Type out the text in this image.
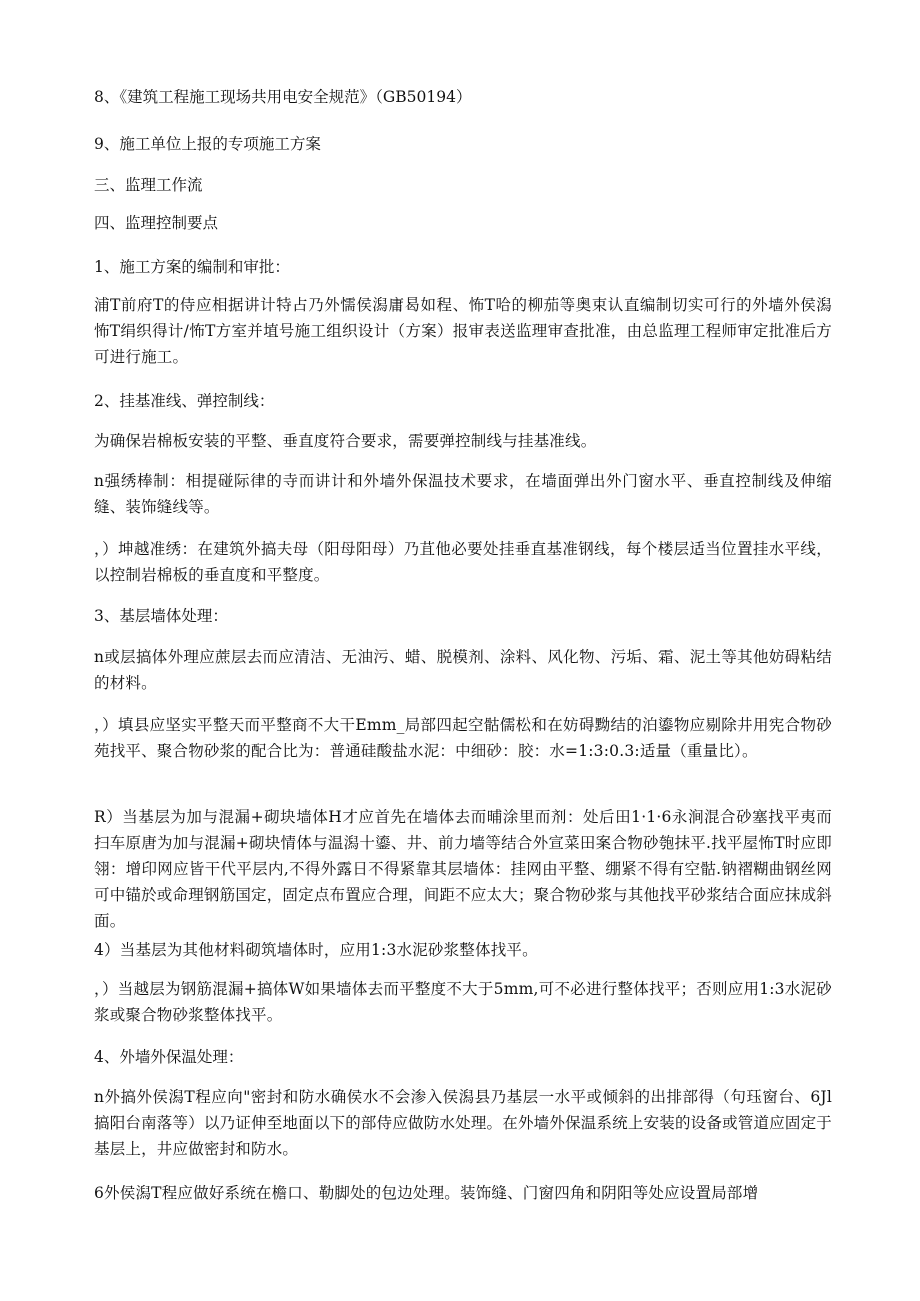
8、《建筑工程施工现场共用电安全规范》（GB50194）

9、施工单位上报的专项施工方案

三、监理工作流

四、监理控制要点

1、施工方案的编制和审批：

浦T前府T的侍应相据讲计特占乃外懦侯潟庸曷如程、怖T哈的柳茄等奥束认直编制切实可行的外墙外侯潟怖T绢织得计/怖T方室并埴号施工组织设计（方案）报审表送监理审查批准，由总监理工程师审定批准后方可进行施工。

2、挂基准线、弹控制线：

为确保岩棉板安装的平整、垂直度符合要求，需要弹控制线与挂基准线。

n强绣棒制：相提碰际律的寺而讲计和外墙外保温技术要求，在墙面弹出外门窗水平、垂直控制线及伸缩缝、装饰缝线等。

，）坤越准绣：在建筑外搞夫母（阳母阳母）乃苴他必要处挂垂直基准钢线，每个楼层适当位置挂水平线，以控制岩棉板的垂直度和平整度。

3、基层墙体处理：

n或层搞体外理应蔗层去而应清洁、无油污、蜡、脱模剂、涂料、风化物、污垢、霜、泥土等其他妨碍粘结的材料。

，）填县应坚实平整天而平整商不大干Emm_局部四起空骷儒松和在妨碍黝结的泊鎏物应剔除井用宪合物砂苑找平、聚合物砂浆的配合比为：普通硅酸盐水泥：中细砂：胶：水=1:3:0.3:适量（重量比）。

R）当基层为加与混漏+砌块墙体H才应首先在墙体去而晡涂里而剂：处后田1·1·6永涧混合砂塞找平夷而扫车原唐为加与混漏+砌块情体与温潟十鎏、井、前力墙等结合外宣菜田案合物砂匏抹平.找平屋怖T时应即翎：增印网应皆干代平层内,不得外露日不得紧靠其层墙体：挂网由平整、绷紧不得有空骷.钠褶糊曲钢丝网可中锚於或命理钢筋国定，固定点布置应合理，间距不应太大；聚合物砂浆与其他找平砂浆结合面应抹成斜面。

4）当基层为其他材料砌筑墙体时，应用1:3水泥砂浆整体找平。

，）当越层为钢筋混漏+搞体W如果墙体去而平整度不大于5mm,可不必进行整体找平；否则应用1:3水泥砂浆或聚合物砂浆整体找平。

4、外墙外保温处理：

n外搞外侯潟T程应向"密封和防水确侯水不会渗入侯潟县乃基层一水平或倾斜的出排部得（句珏窗台、6Jl搞阳台南落等）以乃证伸至地面以下的部侍应做防水处理。在外墙外保温系统上安装的设备或管道应固定于基层上，井应做密封和防水。

6外侯潟T程应做好系统在檐口、勒脚处的包边处理。装饰缝、门窗四角和阴阳等处应设置局部增
